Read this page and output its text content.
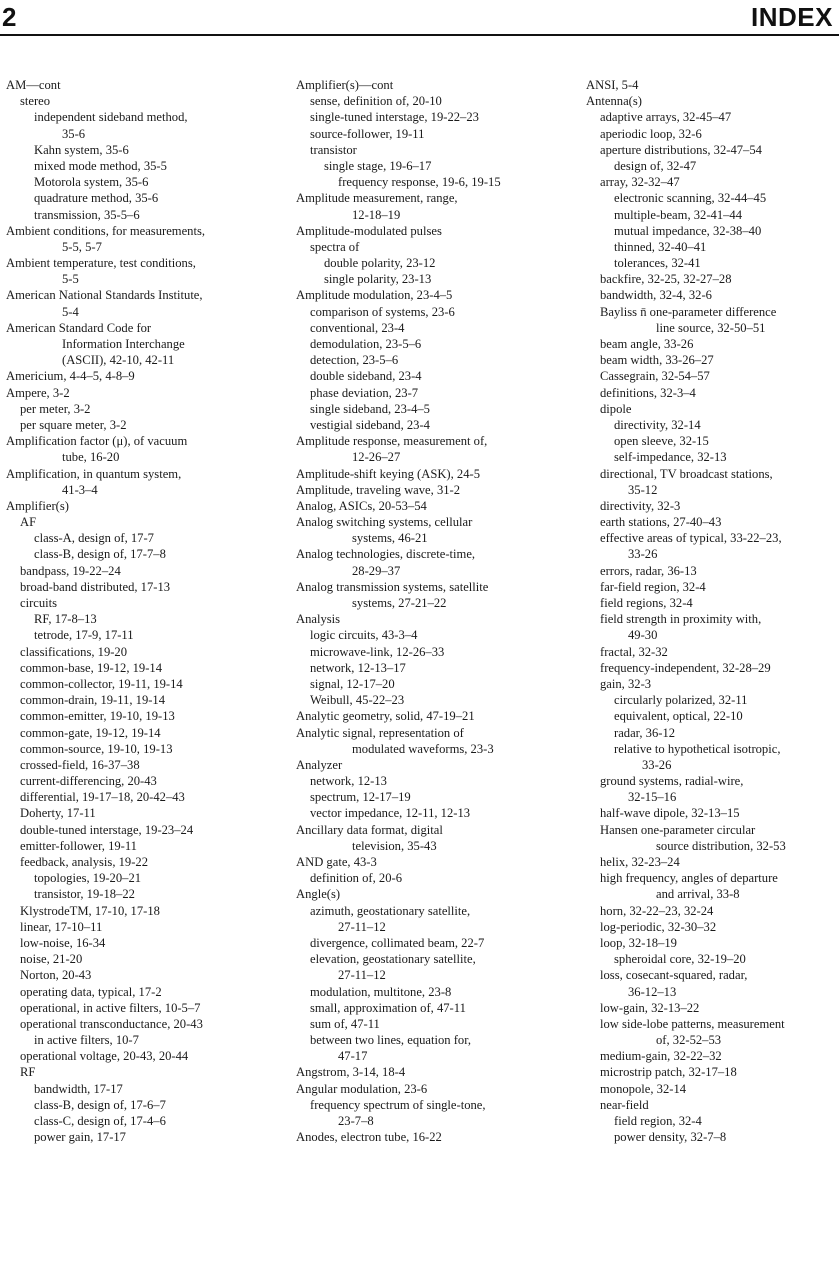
2	INDEX
AM—cont
stereo
independent sideband method,
35-6
Kahn system, 35-6
mixed mode method, 35-5
Motorola system, 35-6
quadrature method, 35-6
transmission, 35-5–6
Ambient conditions, for measurements,
5-5, 5-7
Ambient temperature, test conditions,
5-5
American National Standards Institute,
5-4
American Standard Code for
Information Interchange
(ASCII), 42-10, 42-11
Americium, 4-4–5, 4-8–9
Ampere, 3-2
per meter, 3-2
per square meter, 3-2
Amplification factor (μ), of vacuum
tube, 16-20
Amplification, in quantum system,
41-3–4
Amplifier(s)
AF
class-A, design of, 17-7
class-B, design of, 17-7–8
bandpass, 19-22–24
broad-band distributed, 17-13
circuits
RF, 17-8–13
tetrode, 17-9, 17-11
classifications, 19-20
common-base, 19-12, 19-14
common-collector, 19-11, 19-14
common-drain, 19-11, 19-14
common-emitter, 19-10, 19-13
common-gate, 19-12, 19-14
common-source, 19-10, 19-13
crossed-field, 16-37–38
current-differencing, 20-43
differential, 19-17–18, 20-42–43
Doherty, 17-11
double-tuned interstage, 19-23–24
emitter-follower, 19-11
feedback, analysis, 19-22
topologies, 19-20–21
transistor, 19-18–22
KlystrodeTM, 17-10, 17-18
linear, 17-10–11
low-noise, 16-34
noise, 21-20
Norton, 20-43
operating data, typical, 17-2
operational, in active filters, 10-5–7
operational transconductance, 20-43
in active filters, 10-7
operational voltage, 20-43, 20-44
RF
bandwidth, 17-17
class-B, design of, 17-6–7
class-C, design of, 17-4–6
power gain, 17-17
Amplifier(s)—cont
sense, definition of, 20-10
single-tuned interstage, 19-22–23
source-follower, 19-11
transistor
single stage, 19-6–17
frequency response, 19-6, 19-15
Amplitude measurement, range,
12-18–19
Amplitude-modulated pulses
spectra of
double polarity, 23-12
single polarity, 23-13
Amplitude modulation, 23-4–5
comparison of systems, 23-6
conventional, 23-4
demodulation, 23-5–6
detection, 23-5–6
double sideband, 23-4
phase deviation, 23-7
single sideband, 23-4–5
vestigial sideband, 23-4
Amplitude response, measurement of,
12-26–27
Amplitude-shift keying (ASK), 24-5
Amplitude, traveling wave, 31-2
Analog, ASICs, 20-53–54
Analog switching systems, cellular
systems, 46-21
Analog technologies, discrete-time,
28-29–37
Analog transmission systems, satellite
systems, 27-21–22
Analysis
logic circuits, 43-3–4
microwave-link, 12-26–33
network, 12-13–17
signal, 12-17–20
Weibull, 45-22–23
Analytic geometry, solid, 47-19–21
Analytic signal, representation of
modulated waveforms, 23-3
Analyzer
network, 12-13
spectrum, 12-17–19
vector impedance, 12-11, 12-13
Ancillary data format, digital
television, 35-43
AND gate, 43-3
definition of, 20-6
Angle(s)
azimuth, geostationary satellite,
27-11–12
divergence, collimated beam, 22-7
elevation, geostationary satellite,
27-11–12
modulation, multitone, 23-8
small, approximation of, 47-11
sum of, 47-11
between two lines, equation for,
47-17
Angstrom, 3-14, 18-4
Angular modulation, 23-6
frequency spectrum of single-tone,
23-7–8
Anodes, electron tube, 16-22
ANSI, 5-4
Antenna(s)
adaptive arrays, 32-45–47
aperiodic loop, 32-6
aperture distributions, 32-47–54
design of, 32-47
array, 32-32–47
electronic scanning, 32-44–45
multiple-beam, 32-41–44
mutual impedance, 32-38–40
thinned, 32-40–41
tolerances, 32-41
backfire, 32-25, 32-27–28
bandwidth, 32-4, 32-6
Bayliss n̄ one-parameter difference
line source, 32-50–51
beam angle, 33-26
beam width, 33-26–27
Cassegrain, 32-54–57
definitions, 32-3–4
dipole
directivity, 32-14
open sleeve, 32-15
self-impedance, 32-13
directional, TV broadcast stations,
35-12
directivity, 32-3
earth stations, 27-40–43
effective areas of typical, 33-22–23,
33-26
errors, radar, 36-13
far-field region, 32-4
field regions, 32-4
field strength in proximity with,
49-30
fractal, 32-32
frequency-independent, 32-28–29
gain, 32-3
circularly polarized, 32-11
equivalent, optical, 22-10
radar, 36-12
relative to hypothetical isotropic,
33-26
ground systems, radial-wire,
32-15–16
half-wave dipole, 32-13–15
Hansen one-parameter circular
source distribution, 32-53
helix, 32-23–24
high frequency, angles of departure
and arrival, 33-8
horn, 32-22–23, 32-24
log-periodic, 32-30–32
loop, 32-18–19
spheroidal core, 32-19–20
loss, cosecant-squared, radar,
36-12–13
low-gain, 32-13–22
low side-lobe patterns, measurement
of, 32-52–53
medium-gain, 32-22–32
microstrip patch, 32-17–18
monopole, 32-14
near-field
field region, 32-4
power density, 32-7–8
